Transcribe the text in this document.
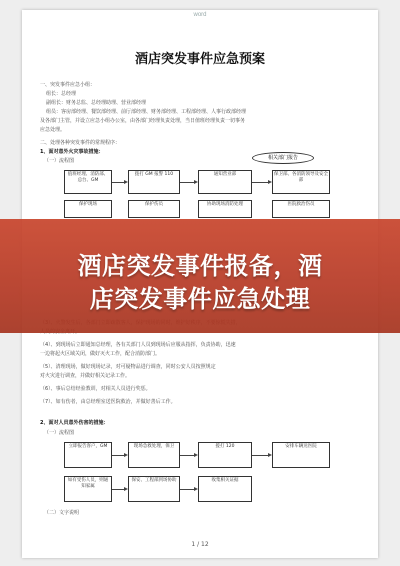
word
酒店突发事件应急预案
一、突发事件应急小组：
组长：总经理
副组长：财务总监、总经理助理、营业部经理
组员：客房部经理、餐饮部经理、前厅部经理、财务部经理、工程部经理、人事行政部经理
及各部门主管，并设立应急小组办公室，由各部门经理负责处理，当日值班经理负责一切事务
应急处理。
二、处理各种突发事件的常规程序：
1、面对意外火灾事故措施：
（一）流程图	相关部门报告
值班经理、消防部、总台、GM
拨打 GM 报警 110	通知营业部	保卫部、各消防领导及安全部
保护现场	保护伤员	协助现场消防处理	医院救治伤员
（4）、到现场后立即通知总经理，各有关部门人员到现场后应服从指挥，负责协助，迅速
一边将起火区域关闭，做好灭火工作，配合消防部门。
（5）、清理现场，做好现场记录，对可疑物品进行调查，同时公安人员按照规定
对火灾进行调查，并做好相关记录工作。
（6）、事后总结经验教训，对相关人员进行奖惩。
（7）、如有伤者，由总经理室送医院救治，并做好善后工作。
2、面对人员意外伤害的措施：
（一）流程图
立即报告客户，GM	现场急救处理，保卫	拨打 120	安排车辆送医院
如有受伤人员，则通知家属
保安、工程部到场协助	收集相关证据
（二）文字说明
1 / 12
酒店突发事件报备，酒
店突发事件应急处理
